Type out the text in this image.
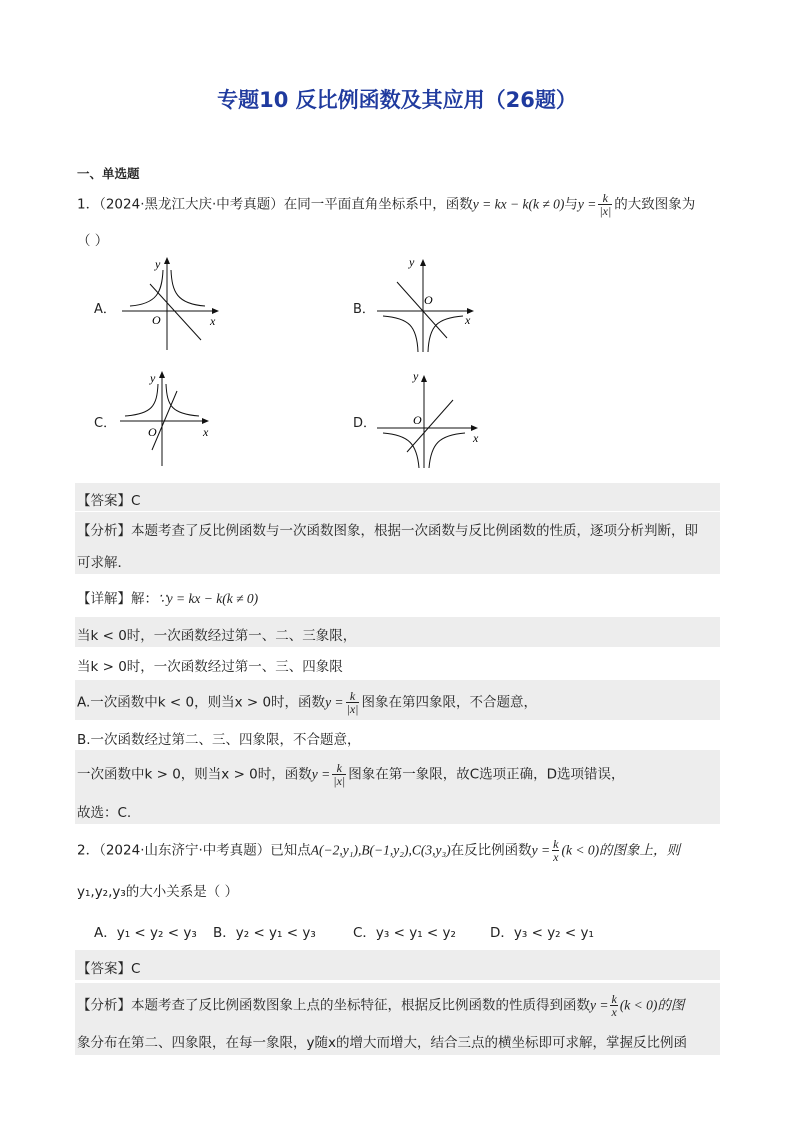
专题10 反比例函数及其应用（26题）
一、单选题
1．（2024·黑龙江大庆·中考真题）在同一平面直角坐标系中，函数y = kx − k(k ≠ 0)与$y = \frac{k}{|x|}$ 的大致图象为
（ ）
A．	B．
C．	D．
y
x
O
y
x
O
y
x
O
y
x
O
【答案】C
【分析】本题考查了反比例函数与一次函数图象，根据一次函数与反比例函数的性质，逐项分析判断，即
可求解．
【详解】解：∵y = kx − k(k ≠ 0)
当k < 0时，一次函数经过第一、二、三象限，
当k > 0时，一次函数经过第一、三、四象限
A.一次函数中k < 0，则当x > 0时，函数$y = \frac{k}{|x|}$ 图象在第四象限，不合题意，
B.一次函数经过第二、三、四象限，不合题意，
一次函数中k > 0，则当x > 0时，函数$y = \frac{k}{|x|}$ 图象在第一象限，故C选项正确，D选项错误，
故选：C.
2．（2024·山东济宁·中考真题）已知点A(−2,y₁),B(−1,y₂),C(3,y₃)在反比例函数$y = \frac{k}{x} (k < 0)$的图象上，则
y₁,y₂,y₃的大小关系是（ ）
A．y₁ < y₂ < y₃ B．y₂ < y₁ < y₃	C．y₃ < y₁ < y₂	D．y₃ < y₂ < y₁
【答案】C
【分析】本题考查了反比例函数图象上点的坐标特征，根据反比例函数的性质得到函数$y = \frac{k}{x} (k < 0)$的图
象分布在第二、四象限，在每一象限，y随x的增大而增大，结合三点的横坐标即可求解，掌握反比例函
